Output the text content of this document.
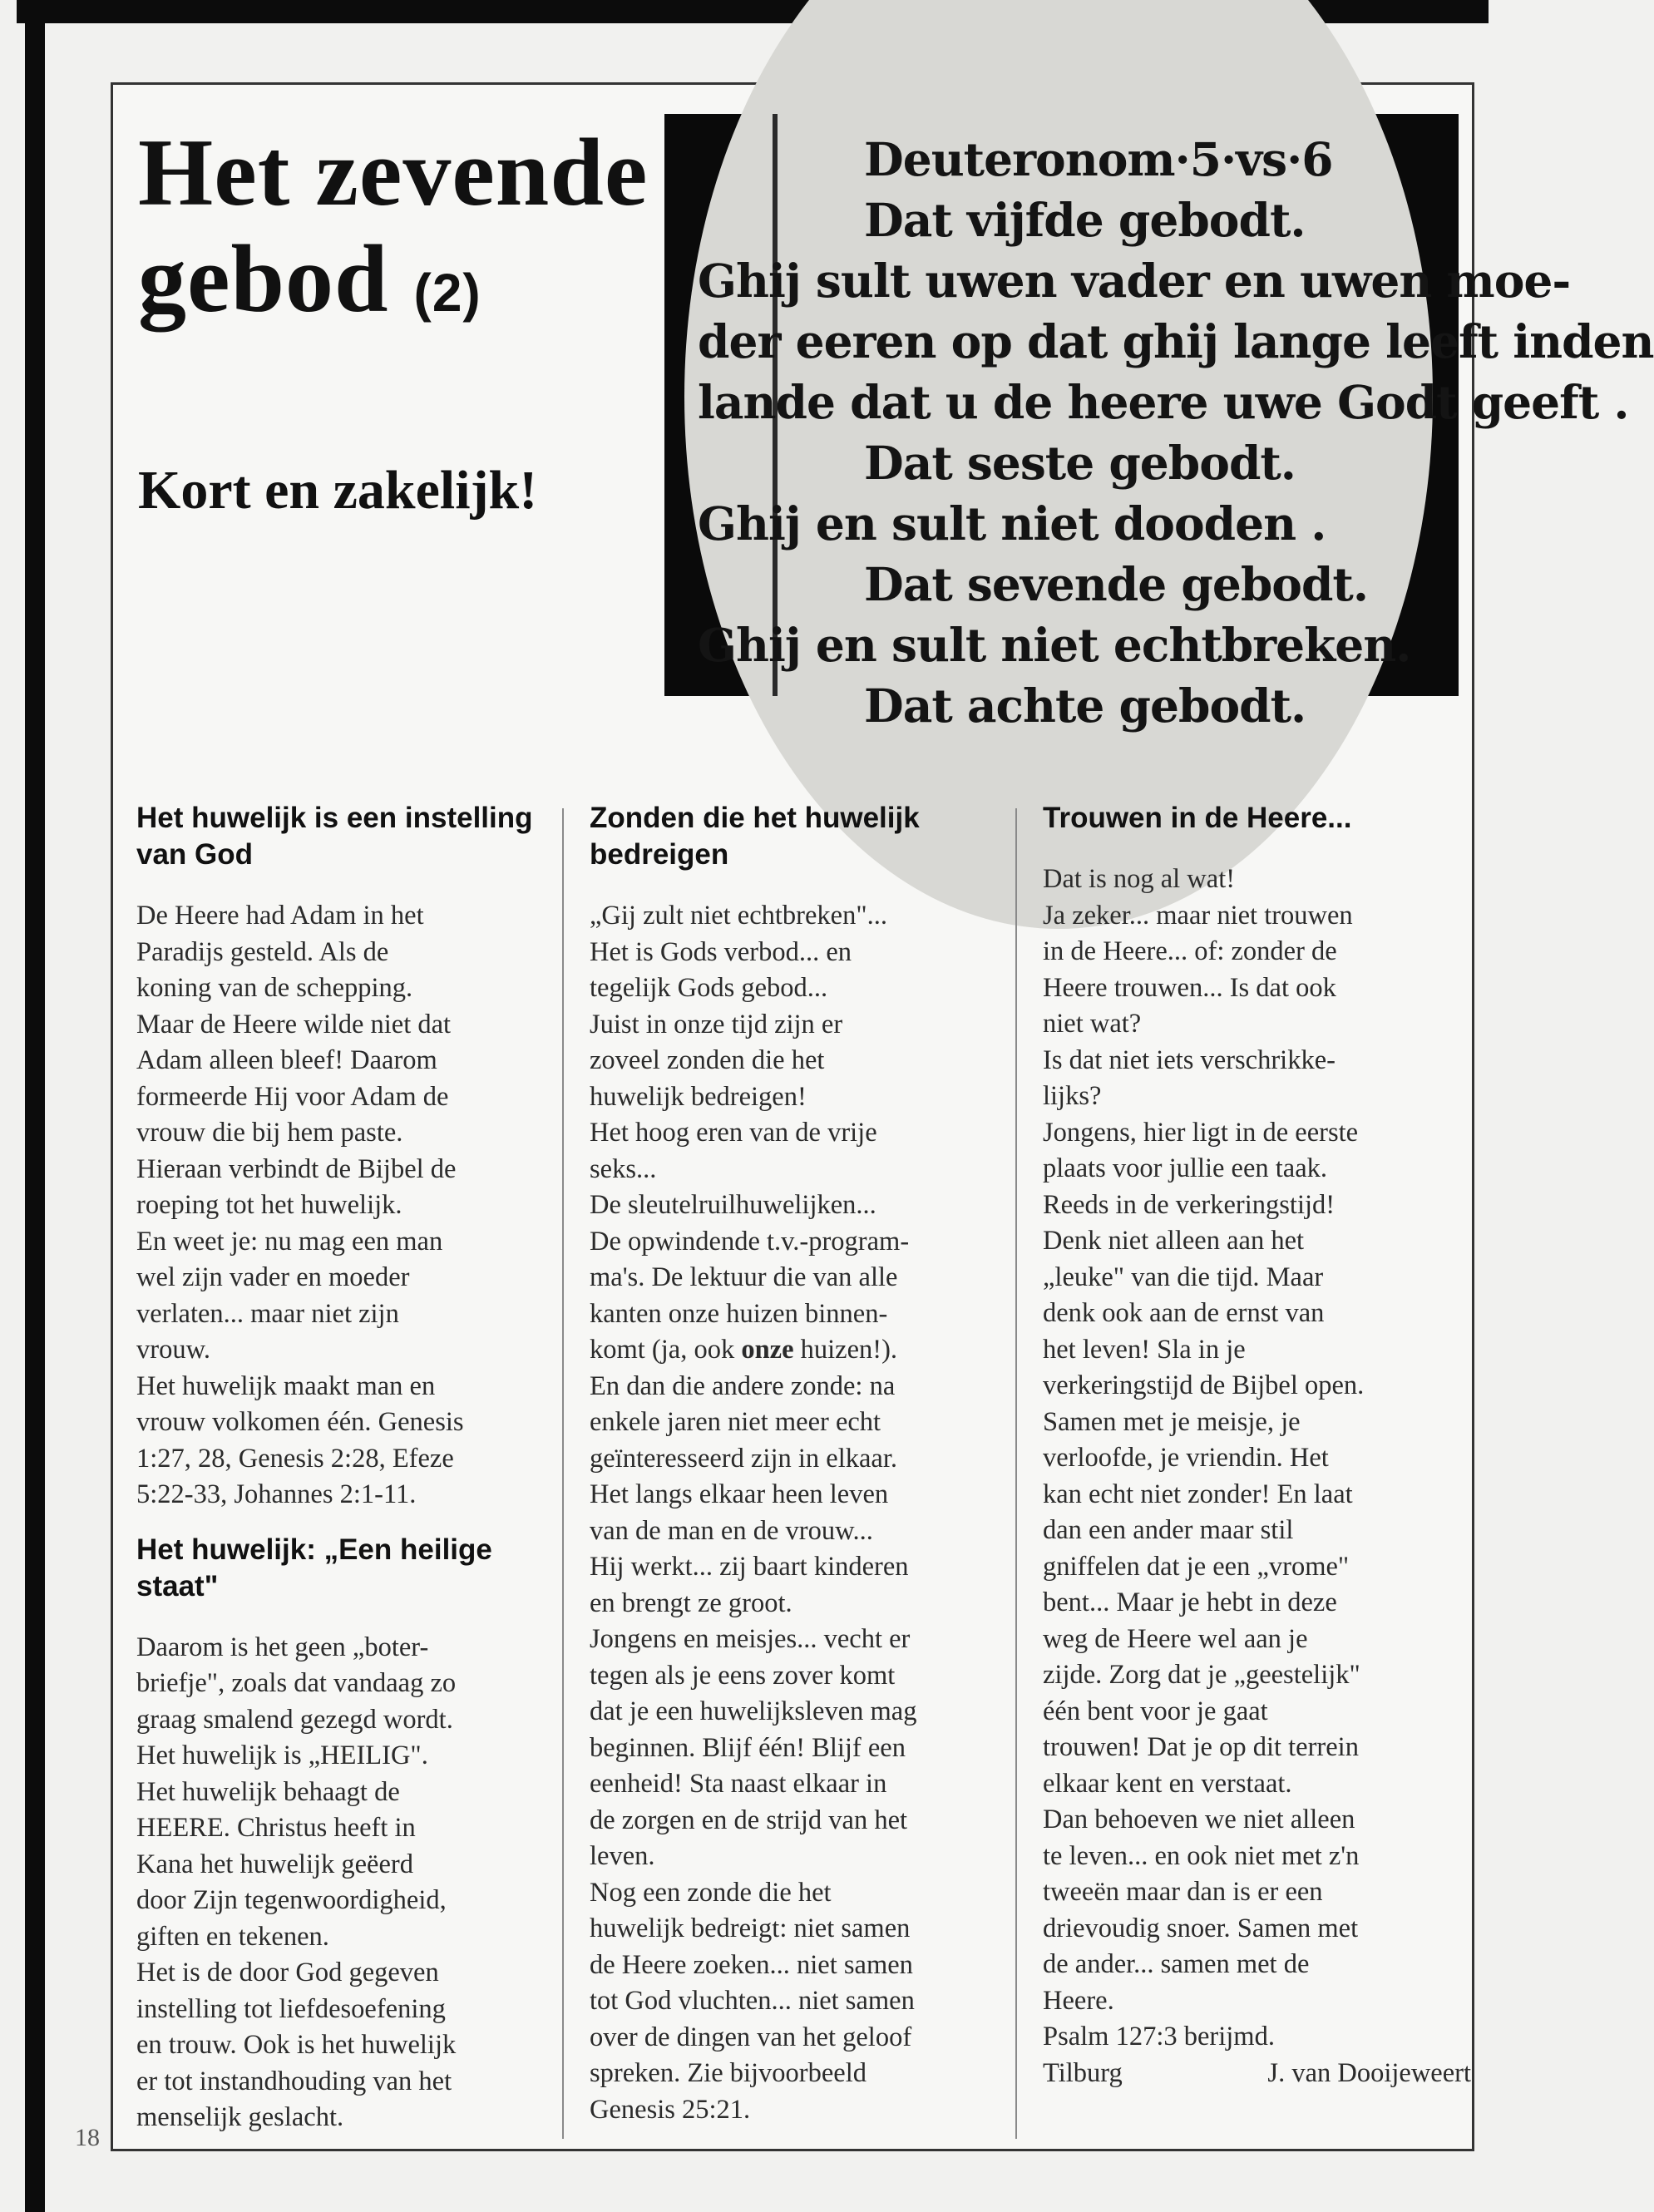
18
Het zevende gebod (2)

Kort en zakelijk!

Deuteronom·5·vs·6
Dat vijfde gebodt.
Ghij sult uwen vader en uwen moe-
der eeren op dat ghij lange leeft inden
lande dat u de heere uwe Godt geeft .
Dat seste gebodt.
Ghij en sult niet dooden .
Dat sevende gebodt.
Ghij en sult niet echtbreken.
Dat achte gebodt.
Het huwelijk is een instelling van God

De Heere had Adam in het

Paradijs gesteld. Als de

koning van de schepping.

Maar de Heere wilde niet dat

Adam alleen bleef! Daarom

formeerde Hij voor Adam de

vrouw die bij hem paste.

Hieraan verbindt de Bijbel de

roeping tot het huwelijk.

En weet je: nu mag een man

wel zijn vader en moeder

verlaten... maar niet zijn

vrouw.

Het huwelijk maakt man en

vrouw volkomen één. Genesis

1:27, 28, Genesis 2:28, Efeze

5:22-33, Johannes 2:1-11.

Het huwelijk: „Een heilige staat"

Daarom is het geen „boter-

briefje", zoals dat vandaag zo

graag smalend gezegd wordt.

Het huwelijk is „HEILIG".

Het huwelijk behaagt de

HEERE. Christus heeft in

Kana het huwelijk geëerd

door Zijn tegenwoordigheid,

giften en tekenen.

Het is de door God gegeven

instelling tot liefdesoefening

en trouw. Ook is het huwelijk

er tot instandhouding van het

menselijk geslacht.

Zonden die het huwelijk bedreigen

„Gij zult niet echtbreken"...

Het is Gods verbod... en

tegelijk Gods gebod...

Juist in onze tijd zijn er

zoveel zonden die het

huwelijk bedreigen!

Het hoog eren van de vrije

seks...

De sleutelruilhuwelijken...

De opwindende t.v.-program-

ma's. De lektuur die van alle

kanten onze huizen binnen-

komt (ja, ook onze huizen!).

En dan die andere zonde: na

enkele jaren niet meer echt

geïnteresseerd zijn in elkaar.

Het langs elkaar heen leven

van de man en de vrouw...

Hij werkt... zij baart kinderen

en brengt ze groot.

Jongens en meisjes... vecht er

tegen als je eens zover komt

dat je een huwelijksleven mag

beginnen. Blijf één! Blijf een

eenheid! Sta naast elkaar in

de zorgen en de strijd van het

leven.

Nog een zonde die het

huwelijk bedreigt: niet samen

de Heere zoeken... niet samen

tot God vluchten... niet samen

over de dingen van het geloof

spreken. Zie bijvoorbeeld

Genesis 25:21.

Trouwen in de Heere...

Dat is nog al wat!

Ja zeker... maar niet trouwen

in de Heere... of: zonder de

Heere trouwen... Is dat ook

niet wat?

Is dat niet iets verschrikke-

lijks?

Jongens, hier ligt in de eerste

plaats voor jullie een taak.

Reeds in de verkeringstijd!

Denk niet alleen aan het

„leuke" van die tijd. Maar

denk ook aan de ernst van

het leven! Sla in je

verkeringstijd de Bijbel open.

Samen met je meisje, je

verloofde, je vriendin. Het

kan echt niet zonder! En laat

dan een ander maar stil

gniffelen dat je een „vrome"

bent... Maar je hebt in deze

weg de Heere wel aan je

zijde. Zorg dat je „geestelijk"

één bent voor je gaat

trouwen! Dat je op dit terrein

elkaar kent en verstaat.

Dan behoeven we niet alleen

te leven... en ook niet met z'n

tweeën maar dan is er een

drievoudig snoer. Samen met

de ander... samen met de

Heere.

Psalm 127:3 berijmd.

Tilburg	J. van Dooijeweert
